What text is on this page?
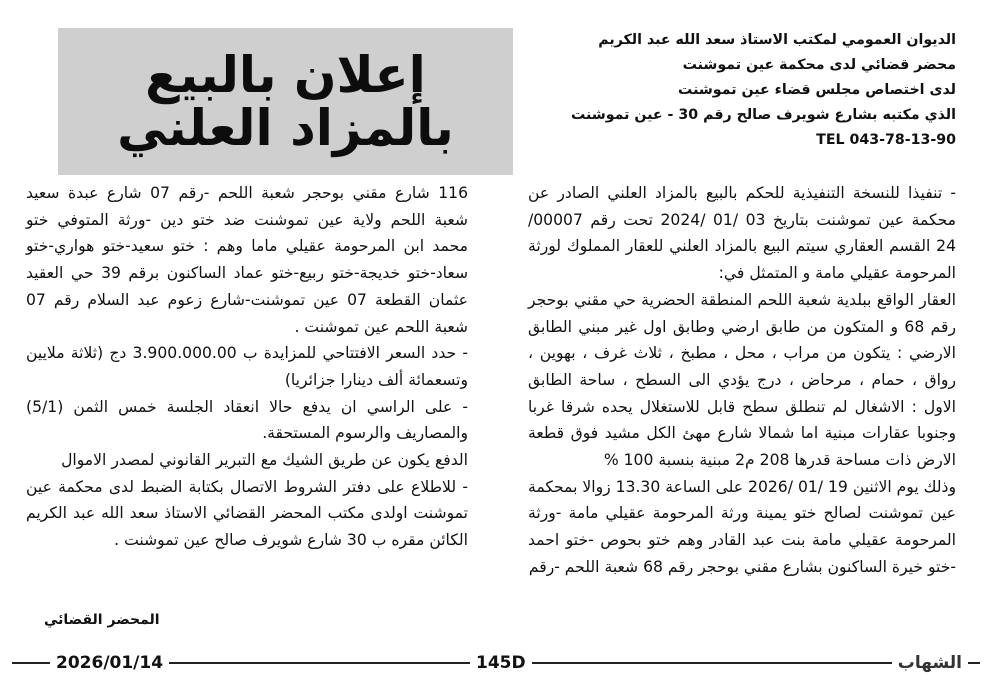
إعلان بالبيع
بالمزاد العلني
الديوان العمومي لمكتب الاستاذ سعد الله عبد الكريم
محضر قضائي لدى محكمة عين تموشنت
لدى اختصاص مجلس قضاء عين تموشنت
الذي مكتبه بشارع شويرف صالح رقم 30 - عين تموشنت
TEL 043-78-13-90

- تنفيذا للنسخة التنفيذية للحكم بالبيع بالمزاد العلني الصادر عن محكمة عين تموشنت بتاريخ 03 /01 /2024 تحت رقم 00007/ 24 القسم العقاري سيتم البيع بالمزاد العلني للعقار المملوك لورثة المرحومة عقيلي مامة و المتمثل في:

العقار الواقع ببلدية شعبة اللحم المنطقة الحضرية حي مقني بوحجر رقم 68 و المتكون من طابق ارضي وطابق اول غير مبني الطابق الارضي : يتكون من مراب ، محل ، مطبخ ، ثلاث غرف ، بهوين ، رواق ، حمام ، مرحاض ، درج يؤدي الى السطح ، ساحة الطابق الاول : الاشغال لم تنطلق سطح قابل للاستغلال يحده شرقا غربا وجنوبا عقارات مبنية اما شمالا شارع مهئ الكل مشيد فوق قطعة الارض ذات مساحة قدرها 208 م2 مبنية بنسبة 100 %

وذلك يوم الاثنين 19 /01 /2026 على الساعة 13.30 زوالا بمحكمة عين تموشنت لصالح ختو يمينة ورثة المرحومة عقيلي مامة -ورثة المرحومة عقيلي مامة بنت عبد القادر وهم ختو بحوص -ختو احمد -ختو خيرة الساكنون بشارع مقني بوحجر رقم 68 شعبة اللحم -رقم

116 شارع مقني بوحجر شعبة اللحم -رقم 07 شارع عبدة سعيد شعبة اللحم ولاية عين تموشنت ضد ختو دين -ورثة المتوفي ختو محمد ابن المرحومة عقيلي ماما وهم : ختو سعيد-ختو هواري-ختو سعاد-ختو خديجة-ختو ربيع-ختو عماد الساكنون برقم 39 حي العقيد عثمان القطعة 07 عين تموشنت-شارع زعوم عبد السلام رقم 07 شعبة اللحم عين تموشنت .

- حدد السعر الافتتاحي للمزايدة ب 3.900.000.00 دج (ثلاثة ملايين وتسعمائة ألف دينارا جزائريا)

- على الراسي ان يدفع حالا انعقاد الجلسة خمس الثمن (5/1) والمصاريف والرسوم المستحقة.

الدفع يكون عن طريق الشيك مع التبرير القانوني لمصدر الاموال

- للاطلاع على دفتر الشروط الاتصال بكتابة الضبط لدى محكمة عين تموشنت اولدى مكتب المحضر القضائي الاستاذ سعد الله عبد الكريم الكائن مقره ب 30 شارع شويرف صالح عين تموشنت .

المحضر القضائي
2026/01/14	145D	الشهاب
